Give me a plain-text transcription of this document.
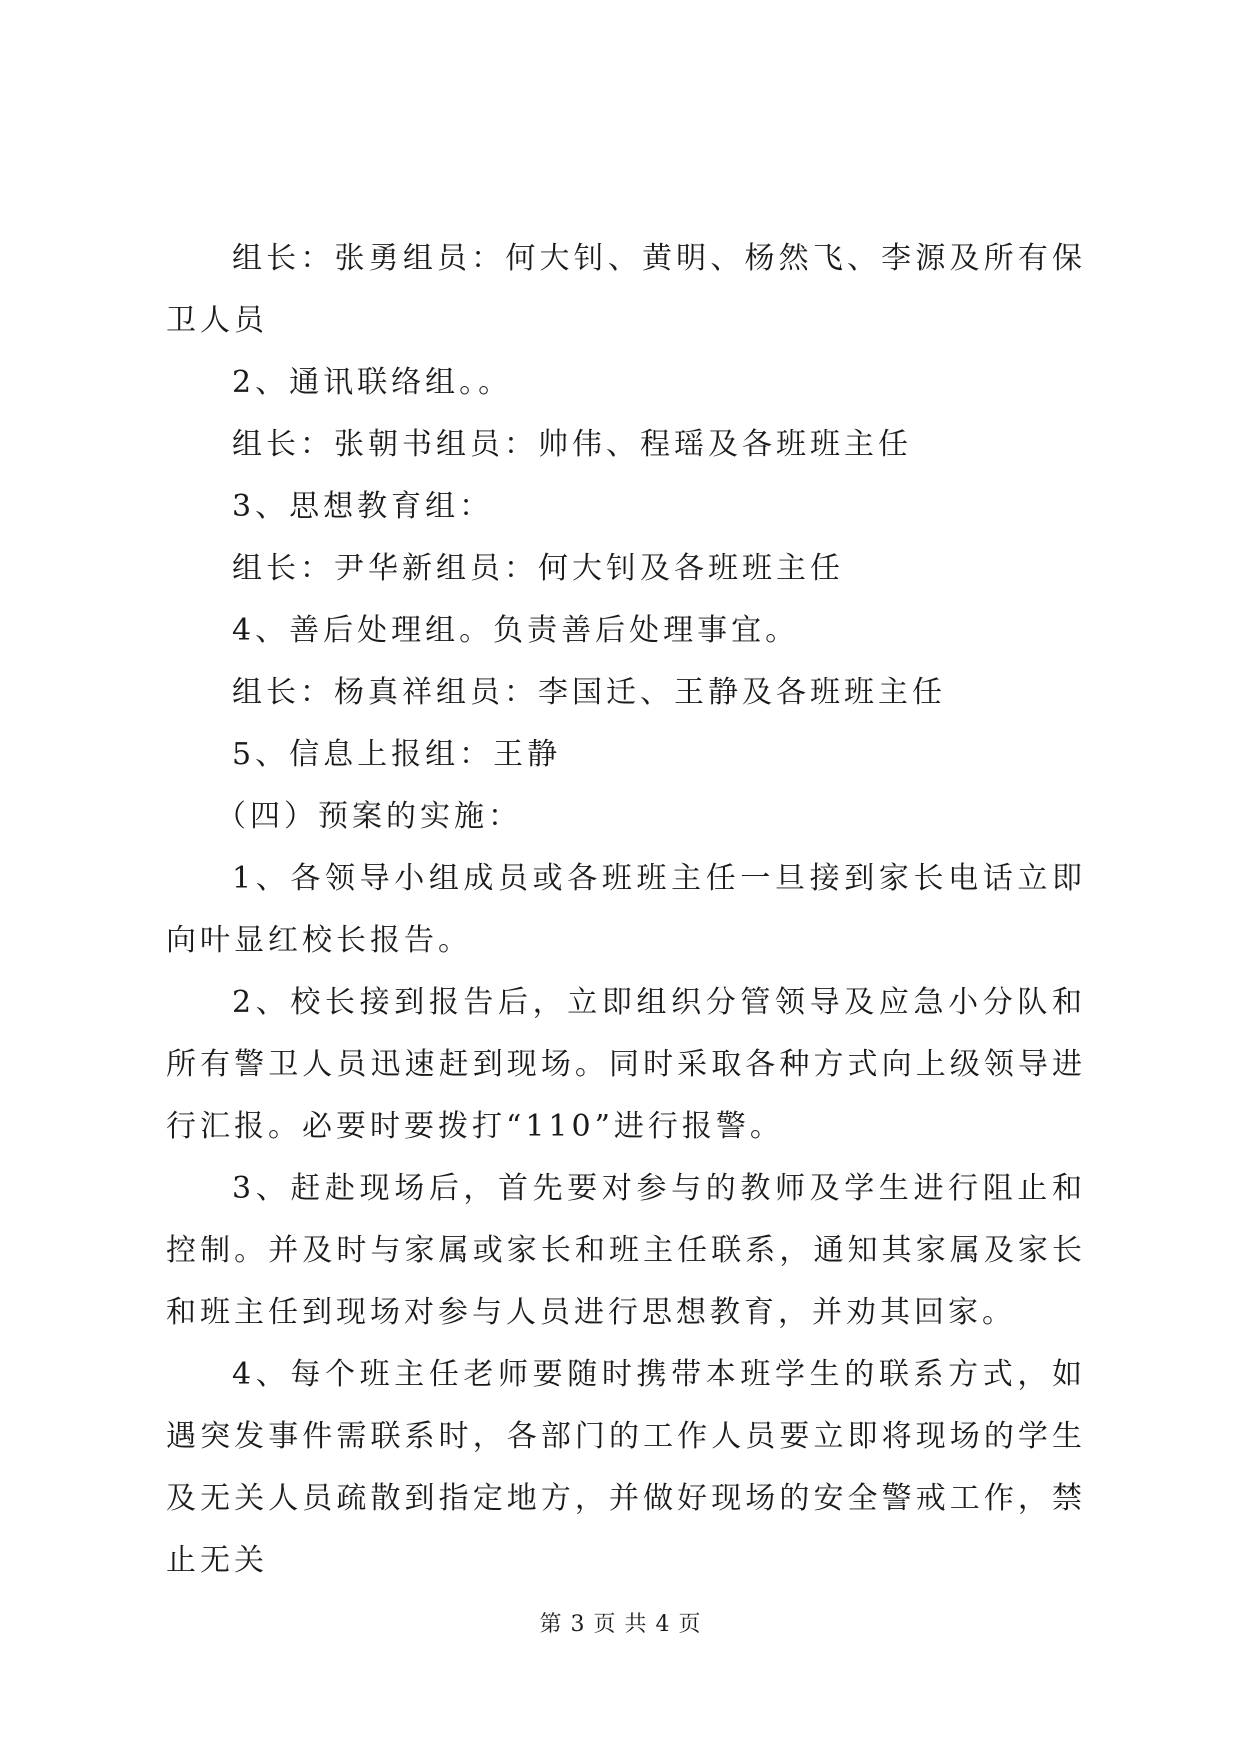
组长：张勇组员：何大钊、黄明、杨然飞、李源及所有保卫人员

2、通讯联络组。。

组长：张朝书组员：帅伟、程瑶及各班班主任

3、思想教育组：

组长：尹华新组员：何大钊及各班班主任

4、善后处理组。负责善后处理事宜。

组长：杨真祥组员：李国迁、王静及各班班主任

5、信息上报组：王静

（四）预案的实施：

1、各领导小组成员或各班班主任一旦接到家长电话立即向叶显红校长报告。

2、校长接到报告后，立即组织分管领导及应急小分队和所有警卫人员迅速赶到现场。同时采取各种方式向上级领导进行汇报。必要时要拨打“110”进行报警。

3、赶赴现场后，首先要对参与的教师及学生进行阻止和控制。并及时与家属或家长和班主任联系，通知其家属及家长和班主任到现场对参与人员进行思想教育，并劝其回家。

4、每个班主任老师要随时携带本班学生的联系方式，如遇突发事件需联系时，各部门的工作人员要立即将现场的学生及无关人员疏散到指定地方，并做好现场的安全警戒工作，禁止无关

第 3 页 共 4 页
